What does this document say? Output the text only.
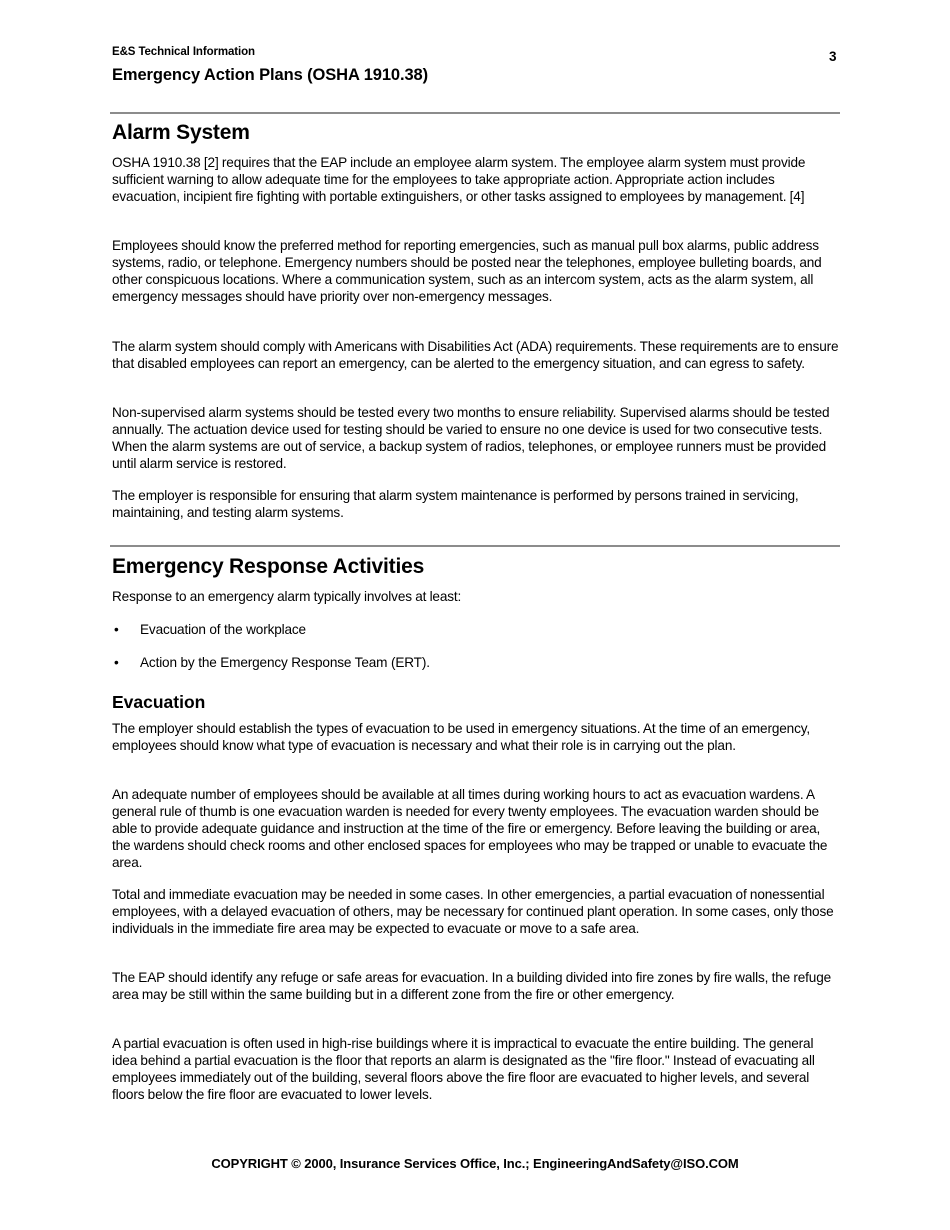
E&S Technical Information	3
Emergency Action Plans (OSHA 1910.38)
Alarm System
OSHA 1910.38 [2] requires that the EAP include an employee alarm system. The employee alarm system must provide sufficient warning to allow adequate time for the employees to take appropriate action. Appropriate action includes evacuation, incipient fire fighting with portable extinguishers, or other tasks assigned to employees by management. [4]
Employees should know the preferred method for reporting emergencies, such as manual pull box alarms, public address systems, radio, or telephone. Emergency numbers should be posted near the telephones, employee bulleting boards, and other conspicuous locations. Where a communication system, such as an intercom system, acts as the alarm system, all emergency messages should have priority over non-emergency messages.
The alarm system should comply with Americans with Disabilities Act (ADA) requirements. These requirements are to ensure that disabled employees can report an emergency, can be alerted to the emergency situation, and can egress to safety.
Non-supervised alarm systems should be tested every two months to ensure reliability. Supervised alarms should be tested annually. The actuation device used for testing should be varied to ensure no one device is used for two consecutive tests. When the alarm systems are out of service, a backup system of radios, telephones, or employee runners must be provided until alarm service is restored.
The employer is responsible for ensuring that alarm system maintenance is performed by persons trained in servicing, maintaining, and testing alarm systems.
Emergency Response Activities
Response to an emergency alarm typically involves at least:
• Evacuation of the workplace
• Action by the Emergency Response Team (ERT).
Evacuation
The employer should establish the types of evacuation to be used in emergency situations. At the time of an emergency, employees should know what type of evacuation is necessary and what their role is in carrying out the plan.
An adequate number of employees should be available at all times during working hours to act as evacuation wardens. A general rule of thumb is one evacuation warden is needed for every twenty employees. The evacuation warden should be able to provide adequate guidance and instruction at the time of the fire or emergency. Before leaving the building or area, the wardens should check rooms and other enclosed spaces for employees who may be trapped or unable to evacuate the area.
Total and immediate evacuation may be needed in some cases. In other emergencies, a partial evacuation of nonessential employees, with a delayed evacuation of others, may be necessary for continued plant operation. In some cases, only those individuals in the immediate fire area may be expected to evacuate or move to a safe area.
The EAP should identify any refuge or safe areas for evacuation. In a building divided into fire zones by fire walls, the refuge area may be still within the same building but in a different zone from the fire or other emergency.
A partial evacuation is often used in high-rise buildings where it is impractical to evacuate the entire building. The general idea behind a partial evacuation is the floor that reports an alarm is designated as the "fire floor." Instead of evacuating all employees immediately out of the building, several floors above the fire floor are evacuated to higher levels, and several floors below the fire floor are evacuated to lower levels.
COPYRIGHT © 2000, Insurance Services Office, Inc.; EngineeringAndSafety@ISO.COM
